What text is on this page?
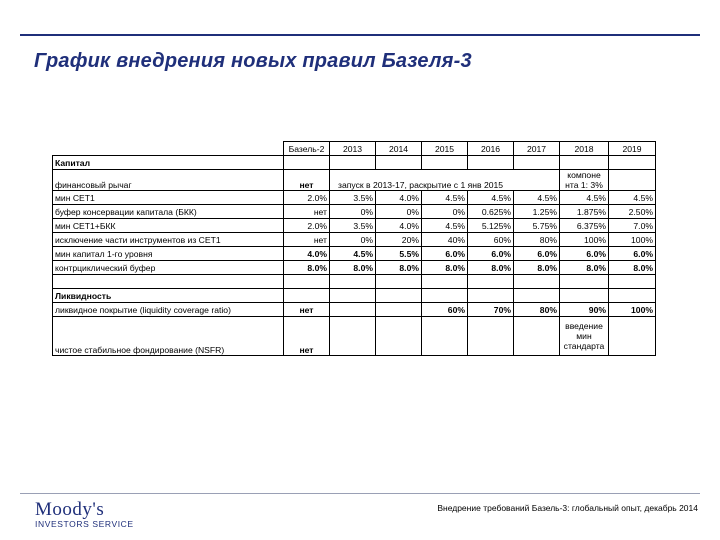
График внедрения новых правил Базеля-3
	Базель-2	2013	2014	2015	2016	2017	2018	2019
Капитал								
финансовый рычаг	нет	запуск в 2013-17, раскрытие с 1 янв 2015					компоне нта 1: 3%	
мин CET1	2.0%	3.5%	4.0%	4.5%	4.5%	4.5%	4.5%	4.5%
буфер консервации капитала (БКК)	нет	0%	0%	0%	0.625%	1.25%	1.875%	2.50%
мин CET1+БКК	2.0%	3.5%	4.0%	4.5%	5.125%	5.75%	6.375%	7.0%
исключение части инструментов из CET1	нет	0%	20%	40%	60%	80%	100%	100%
мин капитал 1-го уровня	4.0%	4.5%	5.5%	6.0%	6.0%	6.0%	6.0%	6.0%
контрциклический буфер	8.0%	8.0%	8.0%	8.0%	8.0%	8.0%	8.0%	8.0%

Ликвидность								
ликвидное покрытие (liquidity coverage ratio)	нет			60%	70%	80%	90%	100%
чистое стабильное фондирование (NSFR)	нет						введение мин стандарта	
Moody's
INVESTORS SERVICE
Внедрение требований Базель-3: глобальный опыт, декабрь 2014
